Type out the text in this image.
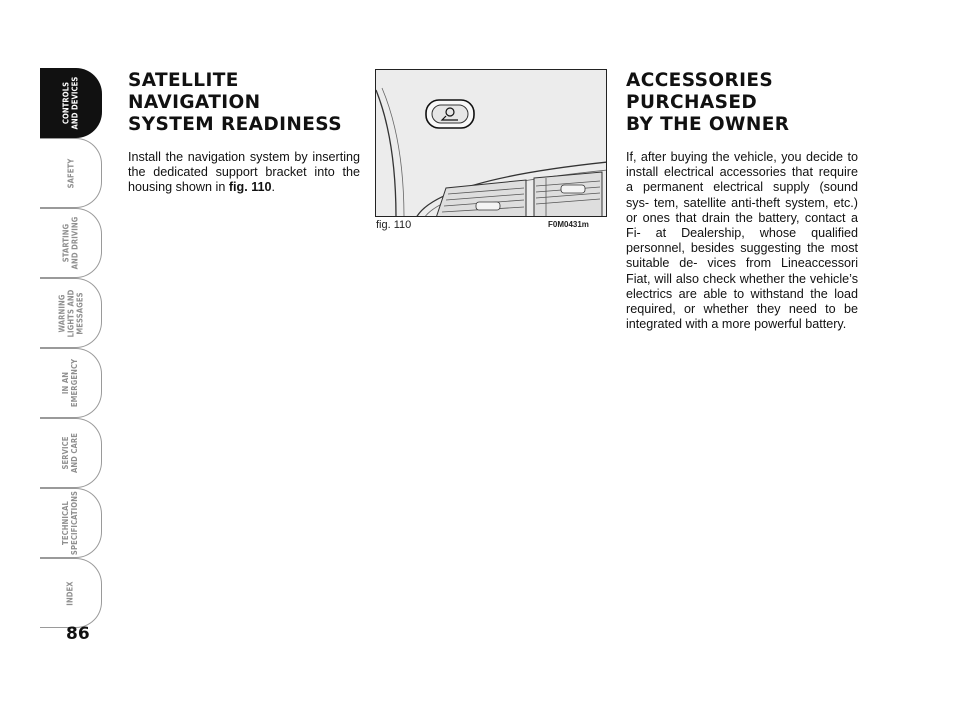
CONTROLS
AND DEVICES
SAFETY
STARTING
AND DRIVING
WARNING
LIGHTS AND
MESSAGES
IN AN
EMERGENCY
SERVICE
AND CARE
TECHNICAL
SPECIFICATIONS
INDEX
86
SATELLITE NAVIGATION
SYSTEM READINESS

Install the navigation system by inserting the dedicated support bracket into the housing shown in fig. 110.

fig. 110	F0M0431m
ACCESSORIES
PURCHASED
BY THE OWNER

If, after buying the vehicle, you decide to install electrical accessories that require a permanent electrical supply (sound sys- tem, satellite anti-theft system, etc.) or ones that drain the battery, contact a Fi- at Dealership, whose qualified personnel, besides suggesting the most suitable de- vices from Lineaccessori Fiat, will also check whether the vehicle’s electrics are able to withstand the load required, or whether they need to be integrated with a more powerful battery.
